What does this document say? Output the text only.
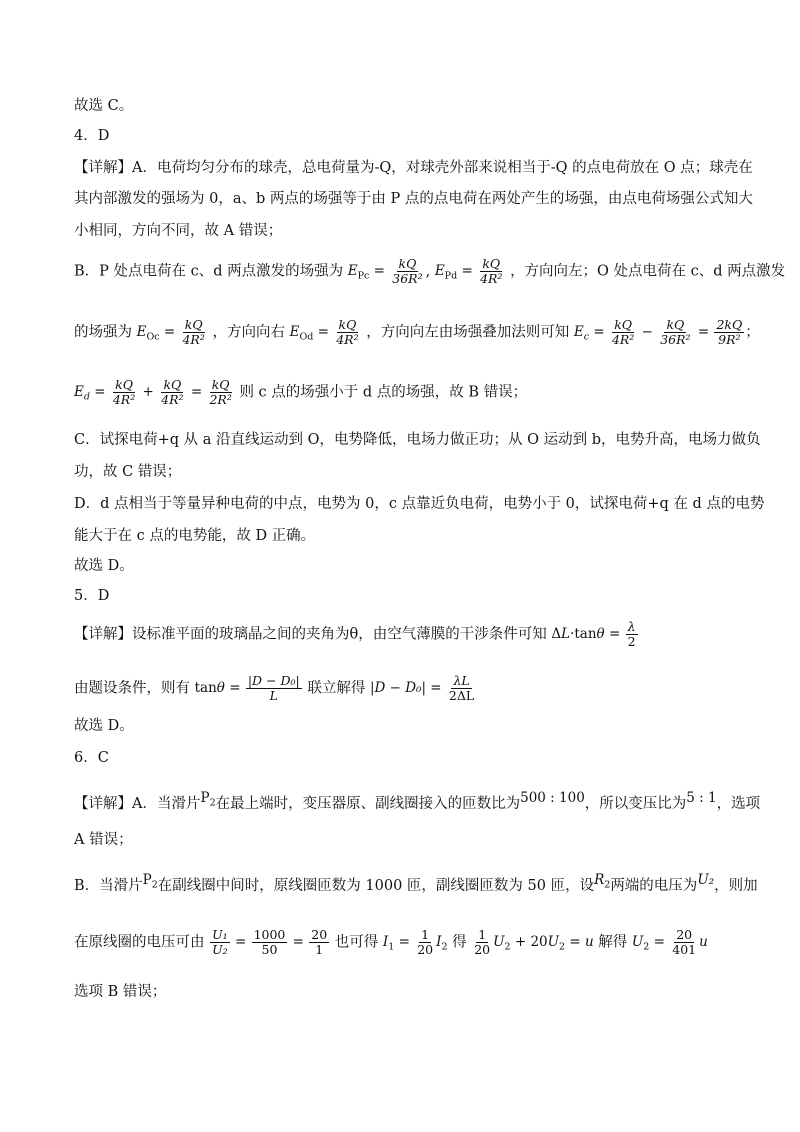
故选 C。
4．D
【详解】A．电荷均匀分布的球壳，总电荷量为-Q，对球壳外部来说相当于-Q 的点电荷放在 O 点；球壳在
其内部激发的强场为 0，a、b 两点的场强等于由 P 点的点电荷在两处产生的场强，由点电荷场强公式知大
小相同，方向不同，故 A 错误；
B．P 处点电荷在 c、d 两点激发的场强为 $E_{Pc} = \frac{kQ}{\text{36R²}}$ , $E_{Pd} = \frac{kQ}{\text{4R²}}$ ，方向向左；O 处点电荷在 c、d 两点激发
的场强为 $E_{Oc} = \frac{kQ}{\text{4R²}}$ ，方向向右 $E_{Od} = \frac{kQ}{\text{4R²}}$ ，方向向左由场强叠加法则可知 $E_c = \frac{kQ}{\text{4R²}} - \frac{kQ}{\text{36R²}} = \frac{2kQ}{\text{9R²}}$ ；
$E_d = \frac{kQ}{\text{4R²}} + \frac{kQ}{\text{4R²}} = \frac{kQ}{\text{2R²}}$ 则 c 点的场强小于 d 点的场强，故 B 错误；
C．试探电荷+q 从 a 沿直线运动到 O，电势降低，电场力做正功；从 O 运动到 b，电势升高，电场力做负
功，故 C 错误；
D．d 点相当于等量异种电荷的中点，电势为 0，c 点靠近负电荷，电势小于 0，试探电荷+q 在 d 点的电势
能大于在 c 点的电势能，故 D 正确。
故选 D。
5．D
【详解】设标准平面的玻璃晶之间的夹角为θ，由空气薄膜的干涉条件可知 $\Delta L\cdot\tan\theta = \frac{\lambda}{2}$
由题设条件，则有 $\tan\theta = \frac{\text{|D − D₀|}}{L}$ 联立解得 $|D - D_0| = \frac{\lambda L}{2\Delta L}$
故选 D。
6．C
【详解】A．当滑片$^{P_2}$在最上端时，变压器原、副线圈接入的匝数比为$^{500 : 100}$，所以变压比为$^{5 : 1}$，选项
A 错误；
B．当滑片$^{P_2}$在副线圈中间时，原线圈匝数为 1000 匝，副线圈匝数为 50 匝，设$^{R_2}$两端的电压为$^{U_2}$，则加
在原线圈的电压可由 $\frac{\text{U₁}}{\text{U₂}} = \frac{1000}{50} = \frac{20}{1}$ 也可得 $I_1 = \frac{1}{20} I_2$ 得 $\frac{1}{20} U_2 + 20U_2 = u$ 解得 $U_2 = \frac{20}{401}$ u
选项 B 错误；
